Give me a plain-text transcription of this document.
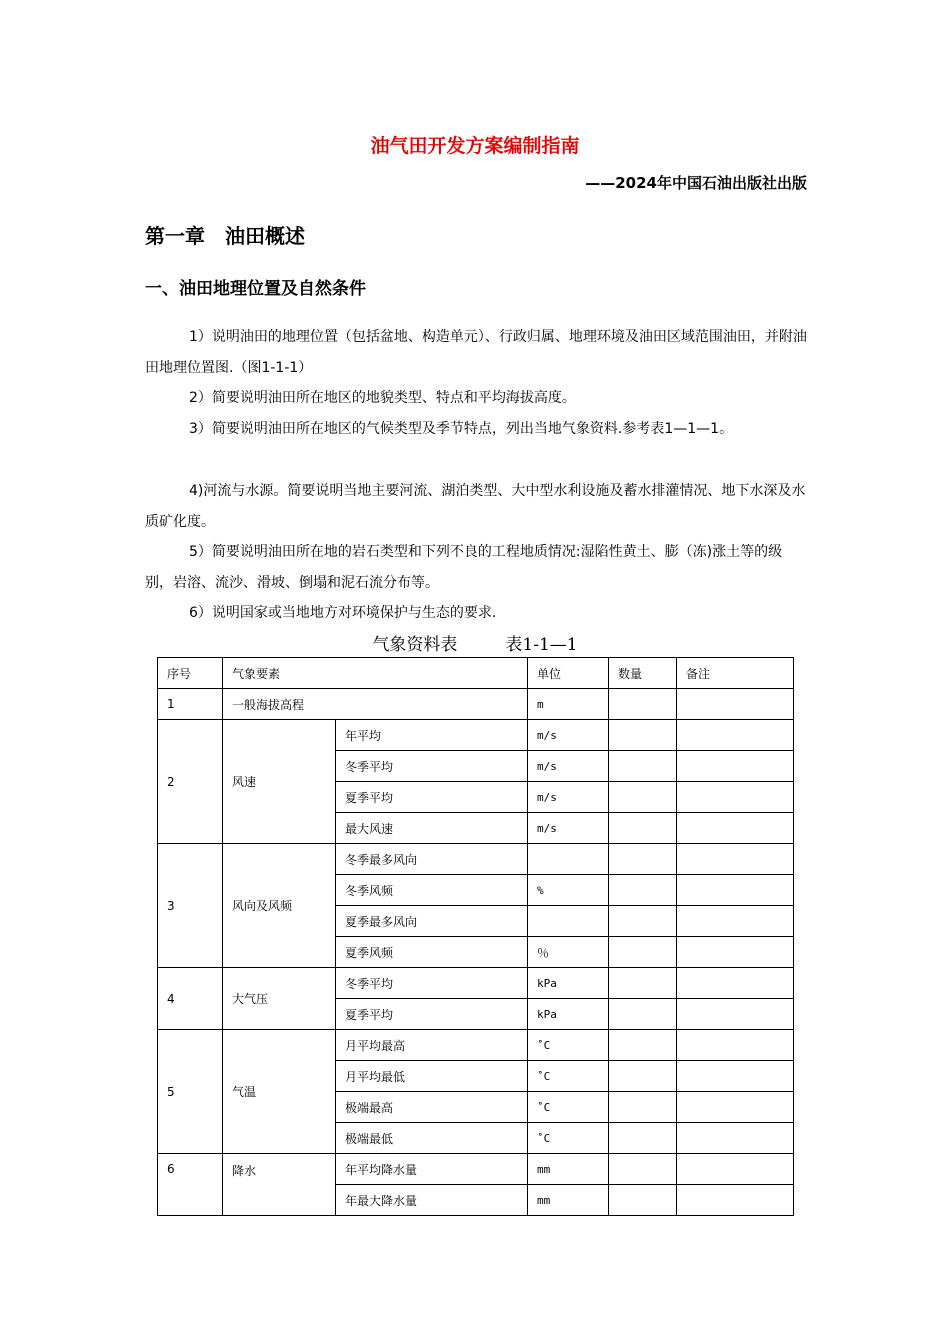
油气田开发方案编制指南
——2024年中国石油出版社出版
第一章　油田概述
一、油田地理位置及自然条件
1）说明油田的地理位置（包括盆地、构造单元）、行政归属、地理环境及油田区域范围油田，并附油田地理位置图.（图1-1-1）
2）简要说明油田所在地区的地貌类型、特点和平均海拔高度。
3）简要说明油田所在地区的气候类型及季节特点，列出当地气象资料.参考表1—1—1。
4)河流与水源。简要说明当地主要河流、湖泊类型、大中型水利设施及蓄水排灌情况、地下水深及水质矿化度。
5）简要说明油田所在地的岩石类型和下列不良的工程地质情况:湿陷性黄土、膨（冻)涨土等的级别，岩溶、流沙、滑坡、倒塌和泥石流分布等。
6）说明国家或当地地方对环境保护与生态的要求.
气象资料表	表1-1—1
序号	气象要素		单位	数量	备注
1	一般海拔高程		m		
2	风速	年平均	m/s		
		冬季平均	m/s		
		夏季平均	m/s		
		最大风速	m/s		
3	风向及风频	冬季最多风向			
		冬季风频	%		
		夏季最多风向			
		夏季风频	％		
4	大气压	冬季平均	kPa		
		夏季平均	kPa		
5	气温	月平均最高	˚C		
		月平均最低	˚C		
		极端最高	˚C		
		极端最低	˚C		
6	降水	年平均降水量	mm		
		年最大降水量	mm		
